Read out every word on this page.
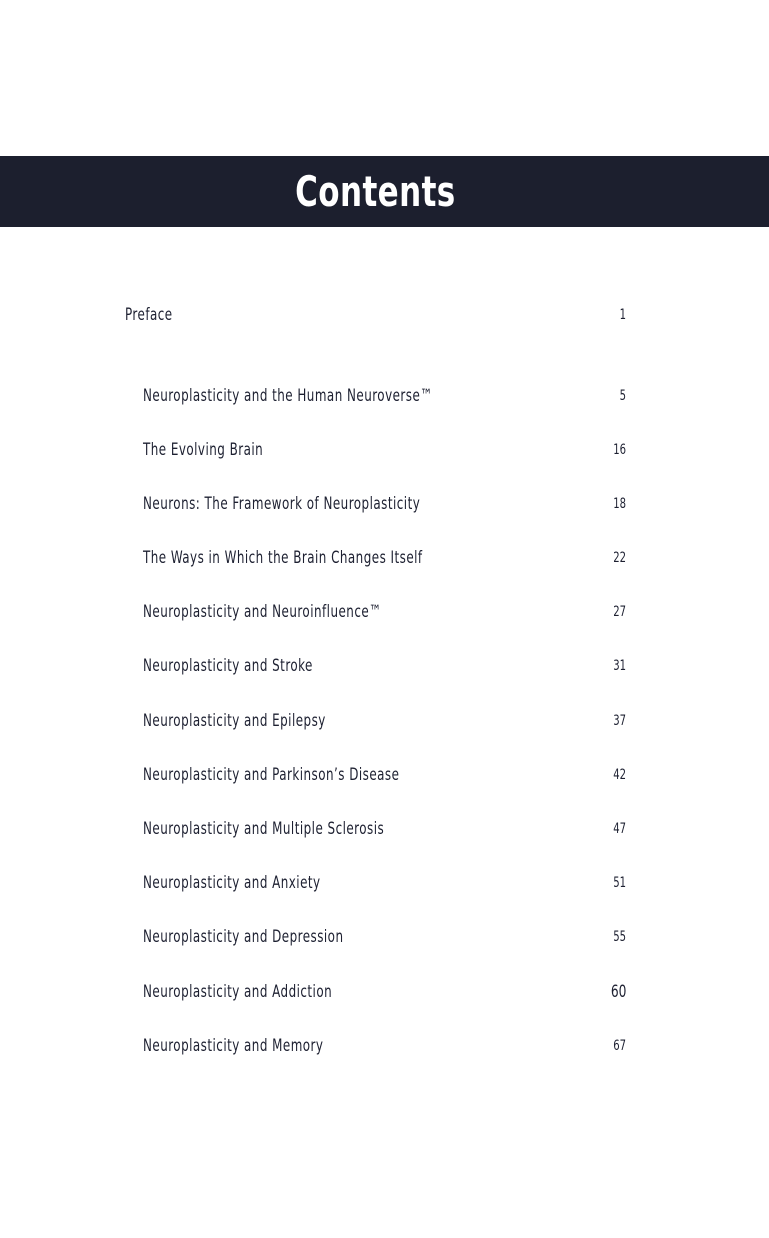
Contents
Preface	1
Neuroplasticity and the Human Neuroverse™	5
The Evolving Brain	16
Neurons: The Framework of Neuroplasticity	18
The Ways in Which the Brain Changes Itself	22
Neuroplasticity and Neuroinfluence™	27
Neuroplasticity and Stroke	31
Neuroplasticity and Epilepsy	37
Neuroplasticity and Parkinson’s Disease	42
Neuroplasticity and Multiple Sclerosis	47
Neuroplasticity and Anxiety	51
Neuroplasticity and Depression	55
Neuroplasticity and Addiction	60
Neuroplasticity and Memory	67
